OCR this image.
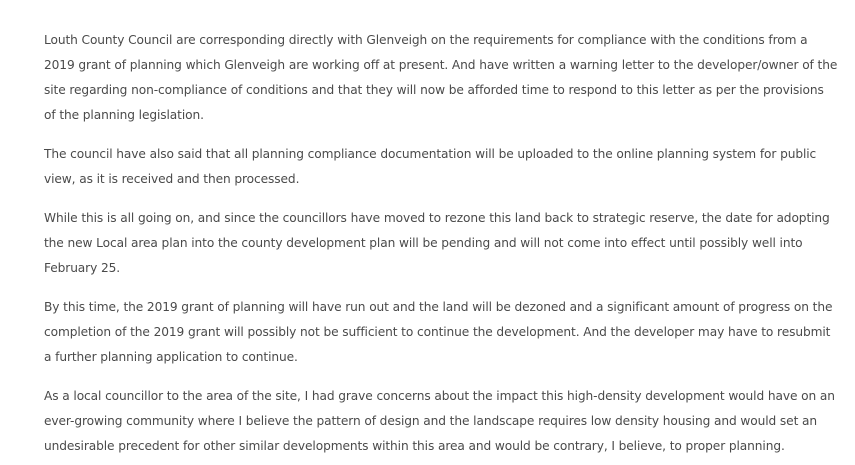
Louth County Council are corresponding directly with Glenveigh on the requirements for compliance with the conditions from a
2019 grant of planning which Glenveigh are working off at present. And have written a warning letter to the developer/owner of the
site regarding non-compliance of conditions and that they will now be afforded time to respond to this letter as per the provisions
of the planning legislation.

The council have also said that all planning compliance documentation will be uploaded to the online planning system for public
view, as it is received and then processed.

While this is all going on, and since the councillors have moved to rezone this land back to strategic reserve, the date for adopting
the new Local area plan into the county development plan will be pending and will not come into effect until possibly well into
February 25.

By this time, the 2019 grant of planning will have run out and the land will be dezoned and a significant amount of progress on the
completion of the 2019 grant will possibly not be sufficient to continue the development. And the developer may have to resubmit
a further planning application to continue.

As a local councillor to the area of the site, I had grave concerns about the impact this high-density development would have on an
ever-growing community where I believe the pattern of design and the landscape requires low density housing and would set an
undesirable precedent for other similar developments within this area and would be contrary, I believe, to proper planning.
